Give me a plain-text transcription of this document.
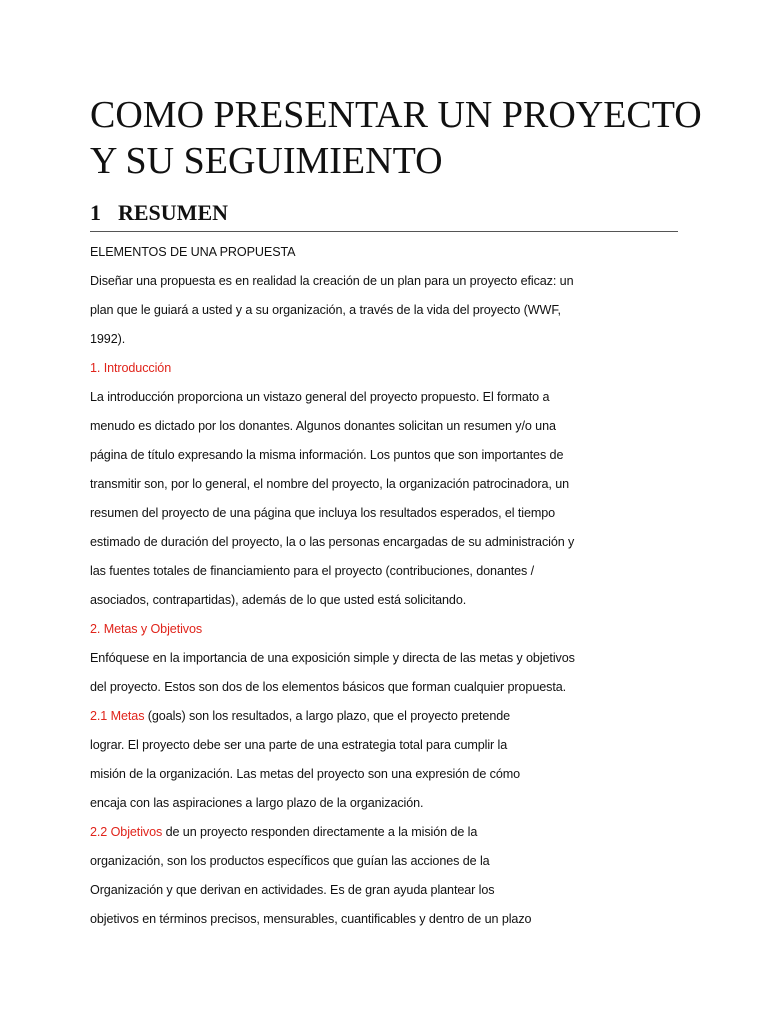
COMO PRESENTAR UN PROYECTO
Y SU SEGUIMIENTO
1 RESUMEN
ELEMENTOS DE UNA PROPUESTA
Diseñar una propuesta es en realidad la creación de un plan para un proyecto eficaz: un
plan que le guiará a usted y a su organización, a través de la vida del proyecto (WWF,
1992).
1. Introducción
La introducción proporciona un vistazo general del proyecto propuesto. El formato a
menudo es dictado por los donantes. Algunos donantes solicitan un resumen y/o una
página de título expresando la misma información. Los puntos que son importantes de
transmitir son, por lo general, el nombre del proyecto, la organización patrocinadora, un
resumen del proyecto de una página que incluya los resultados esperados, el tiempo
estimado de duración del proyecto, la o las personas encargadas de su administración y
las fuentes totales de financiamiento para el proyecto (contribuciones, donantes /
asociados, contrapartidas), además de lo que usted está solicitando.
2. Metas y Objetivos
Enfóquese en la importancia de una exposición simple y directa de las metas y objetivos
del proyecto. Estos son dos de los elementos básicos que forman cualquier propuesta.
2.1 Metas (goals) son los resultados, a largo plazo, que el proyecto pretende
lograr. El proyecto debe ser una parte de una estrategia total para cumplir la
misión de la organización. Las metas del proyecto son una expresión de cómo
encaja con las aspiraciones a largo plazo de la organización.
2.2 Objetivos de un proyecto responden directamente a la misión de la
organización, son los productos específicos que guían las acciones de la
Organización y que derivan en actividades. Es de gran ayuda plantear los
objetivos en términos precisos, mensurables, cuantificables y dentro de un plazo
